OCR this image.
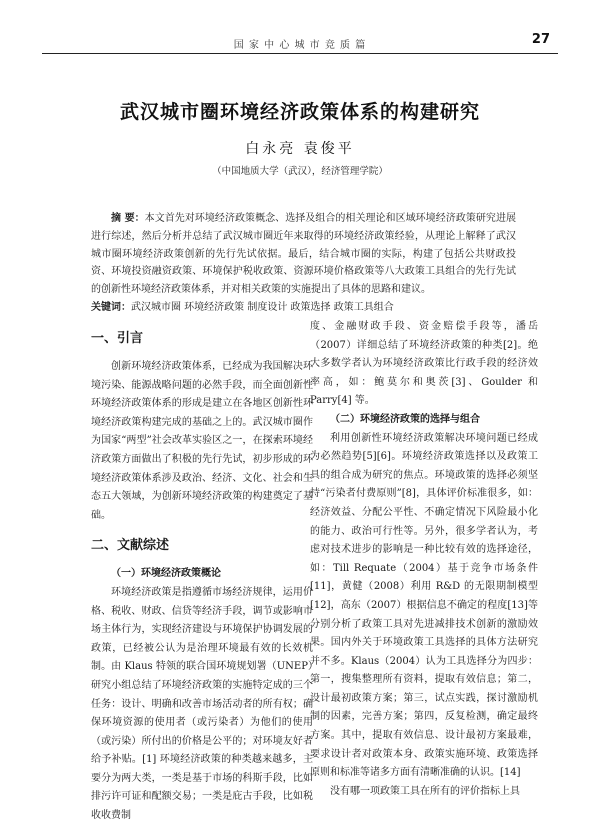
国 家 中 心 城 市 竞 质 篇	27
武汉城市圈环境经济政策体系的构建研究
白永亮 袁俊平
（中国地质大学（武汉），经济管理学院）
摘 要：本文首先对环境经济政策概念、选择及组合的相关理论和区域环境经济政策研究进展进行综述，然后分析并总结了武汉城市圈近年来取得的环境经济政策经验，从理论上解释了武汉城市圈环境经济政策创新的先行先试依据。最后，结合城市圈的实际，构建了包括公共财政投资、环境投资融资政策、环境保护税收政策、资源环境价格政策等八大政策工具组合的先行先试的创新性环境经济政策体系，并对相关政策的实施提出了具体的思路和建议。
关键词：武汉城市圈 环境经济政策 制度设计 政策选择 政策工具组合
一、引言

创新环境经济政策体系，已经成为我国解决环境污染、能源战略问题的必然手段，而全面创新性环境经济政策体系的形成是建立在各地区创新性环境经济政策构建完成的基础之上的。武汉城市圈作为国家“两型”社会改革实验区之一，在探索环境经济政策方面做出了积极的先行先试，初步形成的环境经济政策体系涉及政治、经济、文化、社会和生态五大领域，为创新环境经济政策的构建奠定了基础。

二、文献综述

（一）环境经济政策概论

环境经济政策是指遵循市场经济规律，运用价格、税收、财政、信贷等经济手段，调节或影响市场主体行为，实现经济建设与环境保护协调发展的政策，已经被公认为是治理环境最有效的长效机制。由 Klaus 特领的联合国环境规划署（UNEP）研究小组总结了环境经济政策的实施特定成的三个任务：设计、明确和改善市场活动者的所有权；确保环境资源的使用者（或污染者）为他们的使用（或污染）所付出的价格是公平的；对环境友好者给予补贴。[1] 环境经济政策的种类越来越多，主要分为两大类，一类是基于市场的科斯手段，比如排污许可证和配额交易；一类是庇古手段，比如税收收费制

度、金融财政手段、资金赔偿手段等，潘岳（2007）详细总结了环境经济政策的种类[2]。绝大多数学者认为环境经济政策比行政手段的经济效率高，如：鲍莫尔和奥茨[3]、Goulder 和 Parry[4] 等。

（二）环境经济政策的选择与组合

利用创新性环境经济政策解决环境问题已经成为必然趋势[5][6]。环境经济政策选择以及政策工具的组合成为研究的焦点。环境政策的选择必须坚持“污染者付费原则”[8]，具体评价标准很多，如：经济效益、分配公平性、不确定情况下风险最小化的能力、政治可行性等。另外，很多学者认为，考虑对技术进步的影响是一种比较有效的选择途径，如：Till Requate（2004）基于竞争市场条件[11]，黄健（2008）利用 R&D 的无限期制模型[12]，高东（2007）根据信息不确定的程度[13]等分别分析了政策工具对先进减排技术创新的激励效果。国内外关于环境政策工具选择的具体方法研究并不多。Klaus（2004）认为工具选择分为四步：第一，搜集整理所有资料，提取有效信息；第二，设计最初政策方案；第三，试点实践，探讨激励机制的因素，完善方案；第四，反复检测，确定最终方案。其中，提取有效信息、设计最初方案最难，要求设计者对政策本身、政策实施环境、政策选择原则和标准等诸多方面有清晰准确的认识。[14]

没有哪一项政策工具在所有的评价指标上具
